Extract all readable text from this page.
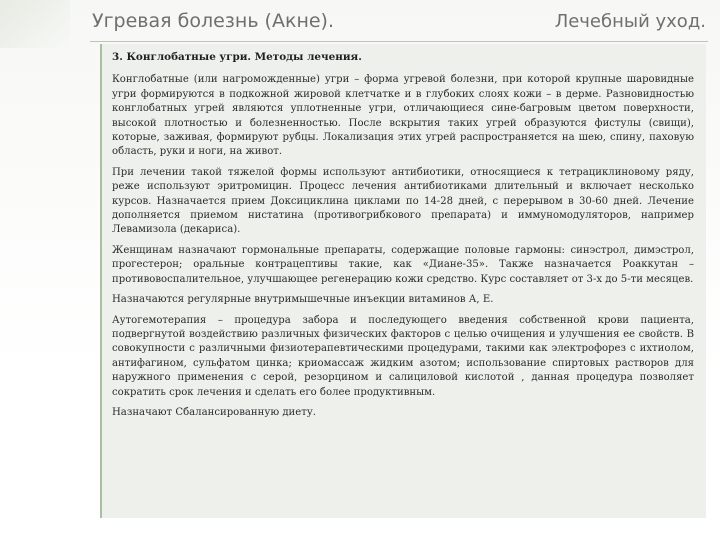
Угревая болезнь (Акне).	Лечебный уход.
3. Конглобатные угри. Методы лечения.

Конглобатные (или нагроможденные) угри – форма угревой болезни, при которой крупные шаровидные угри формируются в подкожной жировой клетчатке и в глубоких слоях кожи – в дерме. Разновидностью конглобатных угрей являются уплотненные угри, отличающиеся сине-багровым цветом поверхности, высокой плотностью и болезненностью. После вскрытия таких угрей образуются фистулы (свищи), которые, заживая, формируют рубцы. Локализация этих угрей распространяется на шею, спину, паховую область, руки и ноги, на живот.

При лечении такой тяжелой формы используют антибиотики, относящиеся к тетрациклиновому ряду, реже используют эритромицин. Процесс лечения антибиотиками длительный и включает несколько курсов. Назначается прием Доксициклина циклами по 14-28 дней, с перерывом в 30-60 дней. Лечение дополняется приемом нистатина (противогрибкового препарата) и иммуномодуляторов, например Левамизола (декариса).

Женщинам назначают гормональные препараты, содержащие половые гармоны: синэстрол, димэстрол, прогестерон; оральные контрацептивы такие, как «Диане-35». Также назначается Роаккутан – противовоспалительное, улучшающее регенерацию кожи средство. Курс составляет от 3-х до 5-ти месяцев.

Назначаются регулярные внутримышечные инъекции витаминов А, Е.

Аутогемотерапия – процедура забора и последующего введения собственной крови пациента, подвергнутой воздействию различных физических факторов с целью очищения и улучшения ее свойств. В совокупности с различными физиотерапевтическими процедурами, такими как электрофорез с ихтиолом, антифагином, сульфатом цинка; криомассаж жидким азотом; использование спиртовых растворов для наружного применения с серой, резорцином и салициловой кислотой , данная процедура позволяет сократить срок лечения и сделать его более продуктивным.

Назначают Сбалансированную диету.
